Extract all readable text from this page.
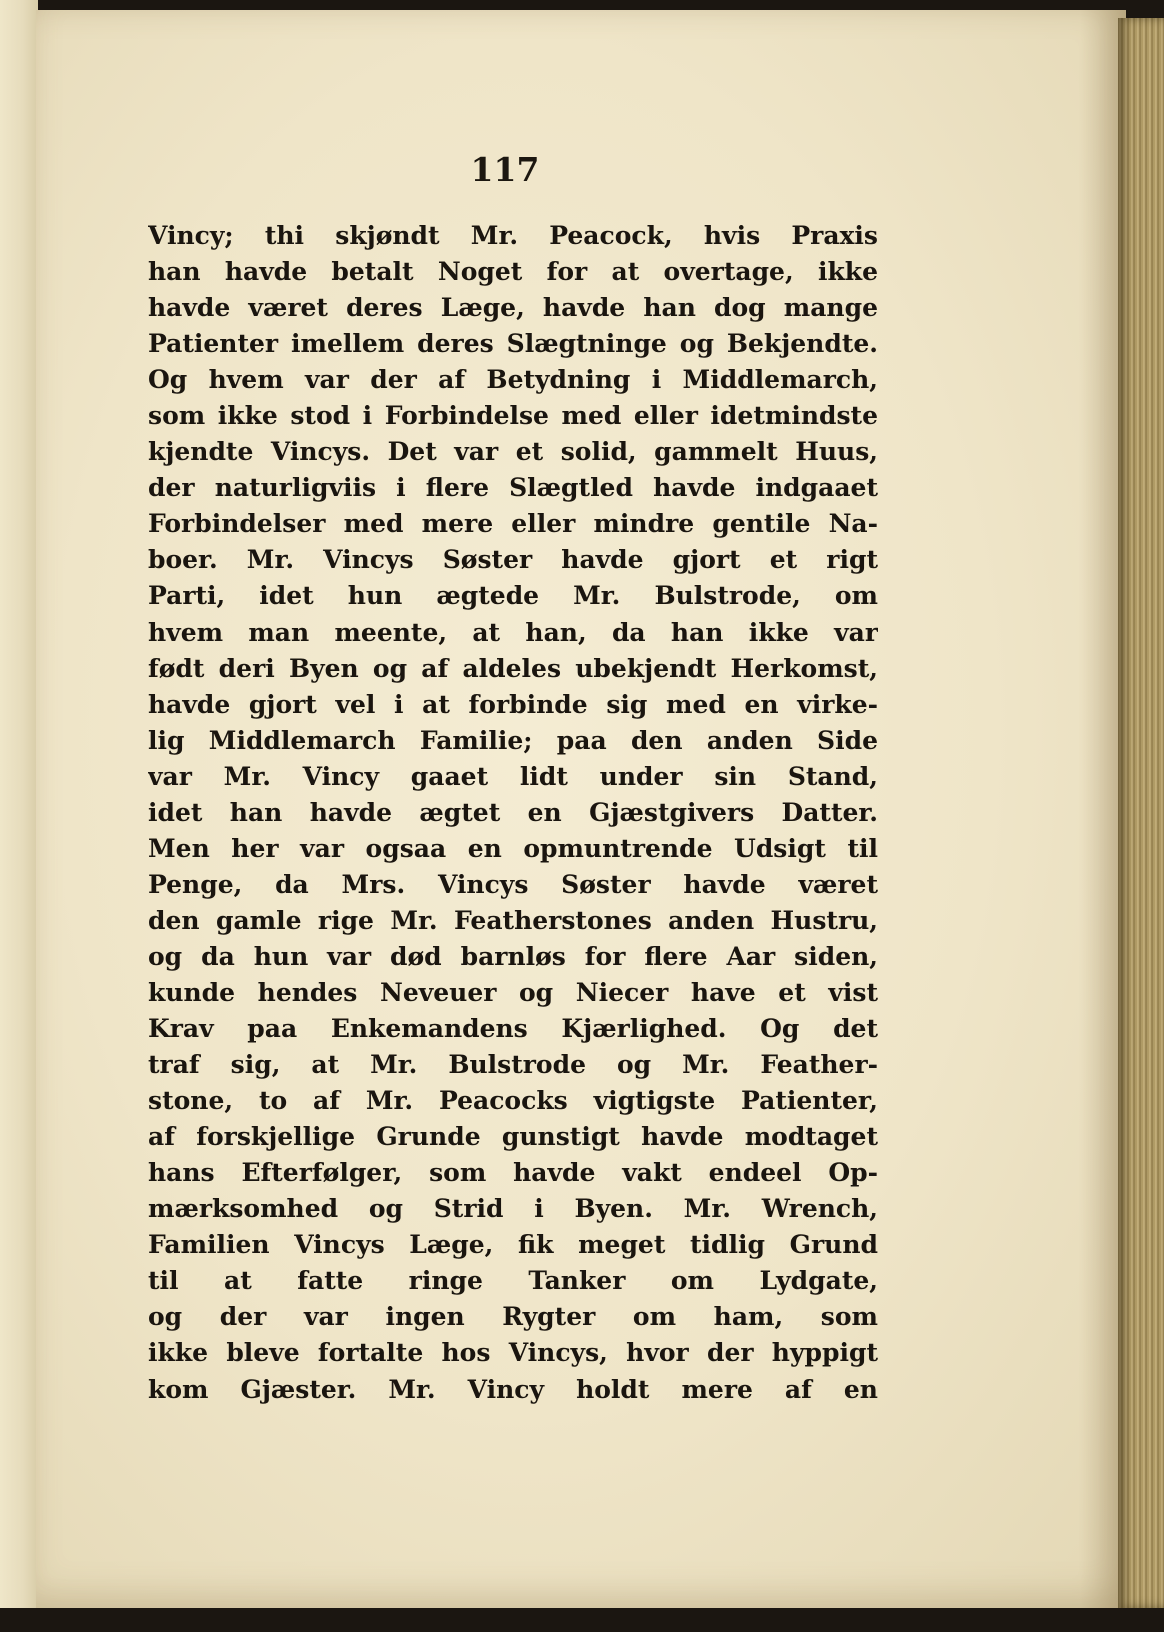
117

Vincy; thi skjøndt Mr. Peacock, hvis Praxis
han havde betalt Noget for at overtage, ikke
havde været deres Læge, havde han dog mange
Patienter imellem deres Slægtninge og Bekjendte.
Og hvem var der af Betydning i Middlemarch,
som ikke stod i Forbindelse med eller idetmindste
kjendte Vincys. Det var et solid, gammelt Huus,
der naturligviis i flere Slægtled havde indgaaet
Forbindelser med mere eller mindre gentile Na-
boer. Mr. Vincys Søster havde gjort et rigt
Parti, idet hun ægtede Mr. Bulstrode, om
hvem man meente, at han, da han ikke var
født deri Byen og af aldeles ubekjendt Herkomst,
havde gjort vel i at forbinde sig med en virke-
lig Middlemarch Familie; paa den anden Side
var Mr. Vincy gaaet lidt under sin Stand,
idet han havde ægtet en Gjæstgivers Datter.
Men her var ogsaa en opmuntrende Udsigt til
Penge, da Mrs. Vincys Søster havde været
den gamle rige Mr. Featherstones anden Hustru,
og da hun var død barnløs for flere Aar siden,
kunde hendes Neveuer og Niecer have et vist
Krav paa Enkemandens Kjærlighed. Og det
traf sig, at Mr. Bulstrode og Mr. Feather-
stone, to af Mr. Peacocks vigtigste Patienter,
af forskjellige Grunde gunstigt havde modtaget
hans Efterfølger, som havde vakt endeel Op-
mærksomhed og Strid i Byen. Mr. Wrench,
Familien Vincys Læge, fik meget tidlig Grund
til at fatte ringe Tanker om Lydgate,
og der var ingen Rygter om ham, som
ikke bleve fortalte hos Vincys, hvor der hyppigt
kom Gjæster. Mr. Vincy holdt mere af en
